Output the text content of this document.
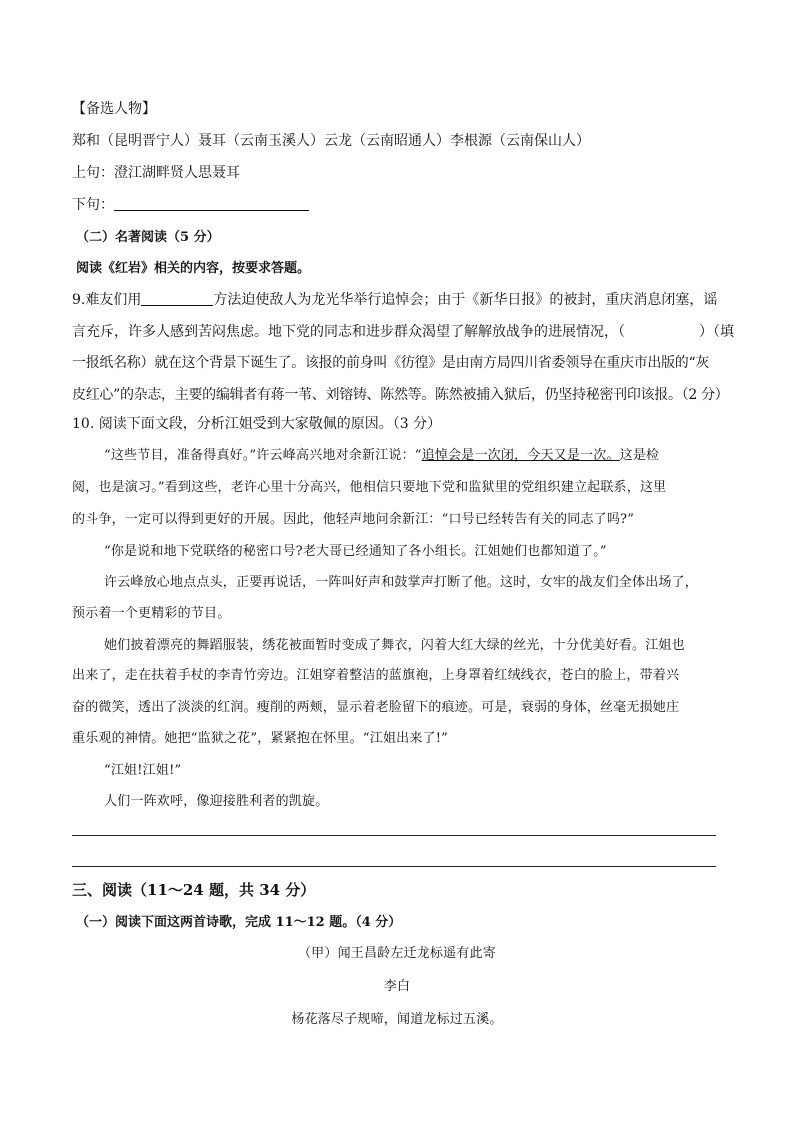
【备选人物】
郑和（昆明晋宁人）聂耳（云南玉溪人）云龙（云南昭通人）李根源（云南保山人）
上句：澄江湖畔贤人思聂耳
下句：
（二）名著阅读（5 分）
阅读《红岩》相关的内容，按要求答题。
9.难友们用	方法迫使敌人为龙光华举行追悼会；由于《新华日报》的被封，重庆消息闭塞，谣
言充斥，许多人感到苦闷焦虑。地下党的同志和进步群众渴望了解解放战争的进展情况，（	）（填
一报纸名称）就在这个背景下诞生了。该报的前身叫《彷徨》是由南方局四川省委领导在重庆市出版的“灰
皮红心”的杂志，主要的编辑者有蒋一苇、刘镕铸、陈然等。陈然被捕入狱后，仍坚持秘密刊印该报。（2 分）
10. 阅读下面文段，分析江姐受到大家敬佩的原因。（3 分）
“这些节目，准备得真好。”许云峰高兴地对余新江说：“追悼会是一次闭，今天又是一次。这是检
阅，也是演习。”看到这些，老许心里十分高兴，他相信只要地下党和监狱里的党组织建立起联系，这里
的斗争，一定可以得到更好的开展。因此，他轻声地问余新江：“口号已经转告有关的同志了吗?”
“你是说和地下党联络的秘密口号?老大哥已经通知了各小组长。江姐她们也都知道了。”
许云峰放心地点点头，正要再说话，一阵叫好声和鼓掌声打断了他。这时，女牢的战友们全体出场了，
预示着一个更精彩的节目。
她们披着漂亮的舞蹈服装，绣花被面暂时变成了舞衣，闪着大红大绿的丝光，十分优美好看。江姐也
出来了，走在扶着手杖的李青竹旁边。江姐穿着整洁的蓝旗袍，上身罩着红绒线衣，苍白的脸上，带着兴
奋的微笑，透出了淡淡的红润。瘦削的两颊，显示着老脸留下的痕迹。可是，衰弱的身体，丝毫无损她庄
重乐观的神情。她把“监狱之花”，紧紧抱在怀里。“江姐出来了!”
“江姐!江姐!”
人们一阵欢呼，像迎接胜利者的凯旋。
三、阅读（11～24 题，共 34 分）
（一）阅读下面这两首诗歌，完成 11～12 题。（4 分）
（甲）闻王昌龄左迁龙标遥有此寄
李白
杨花落尽子规啼，闻道龙标过五溪。
